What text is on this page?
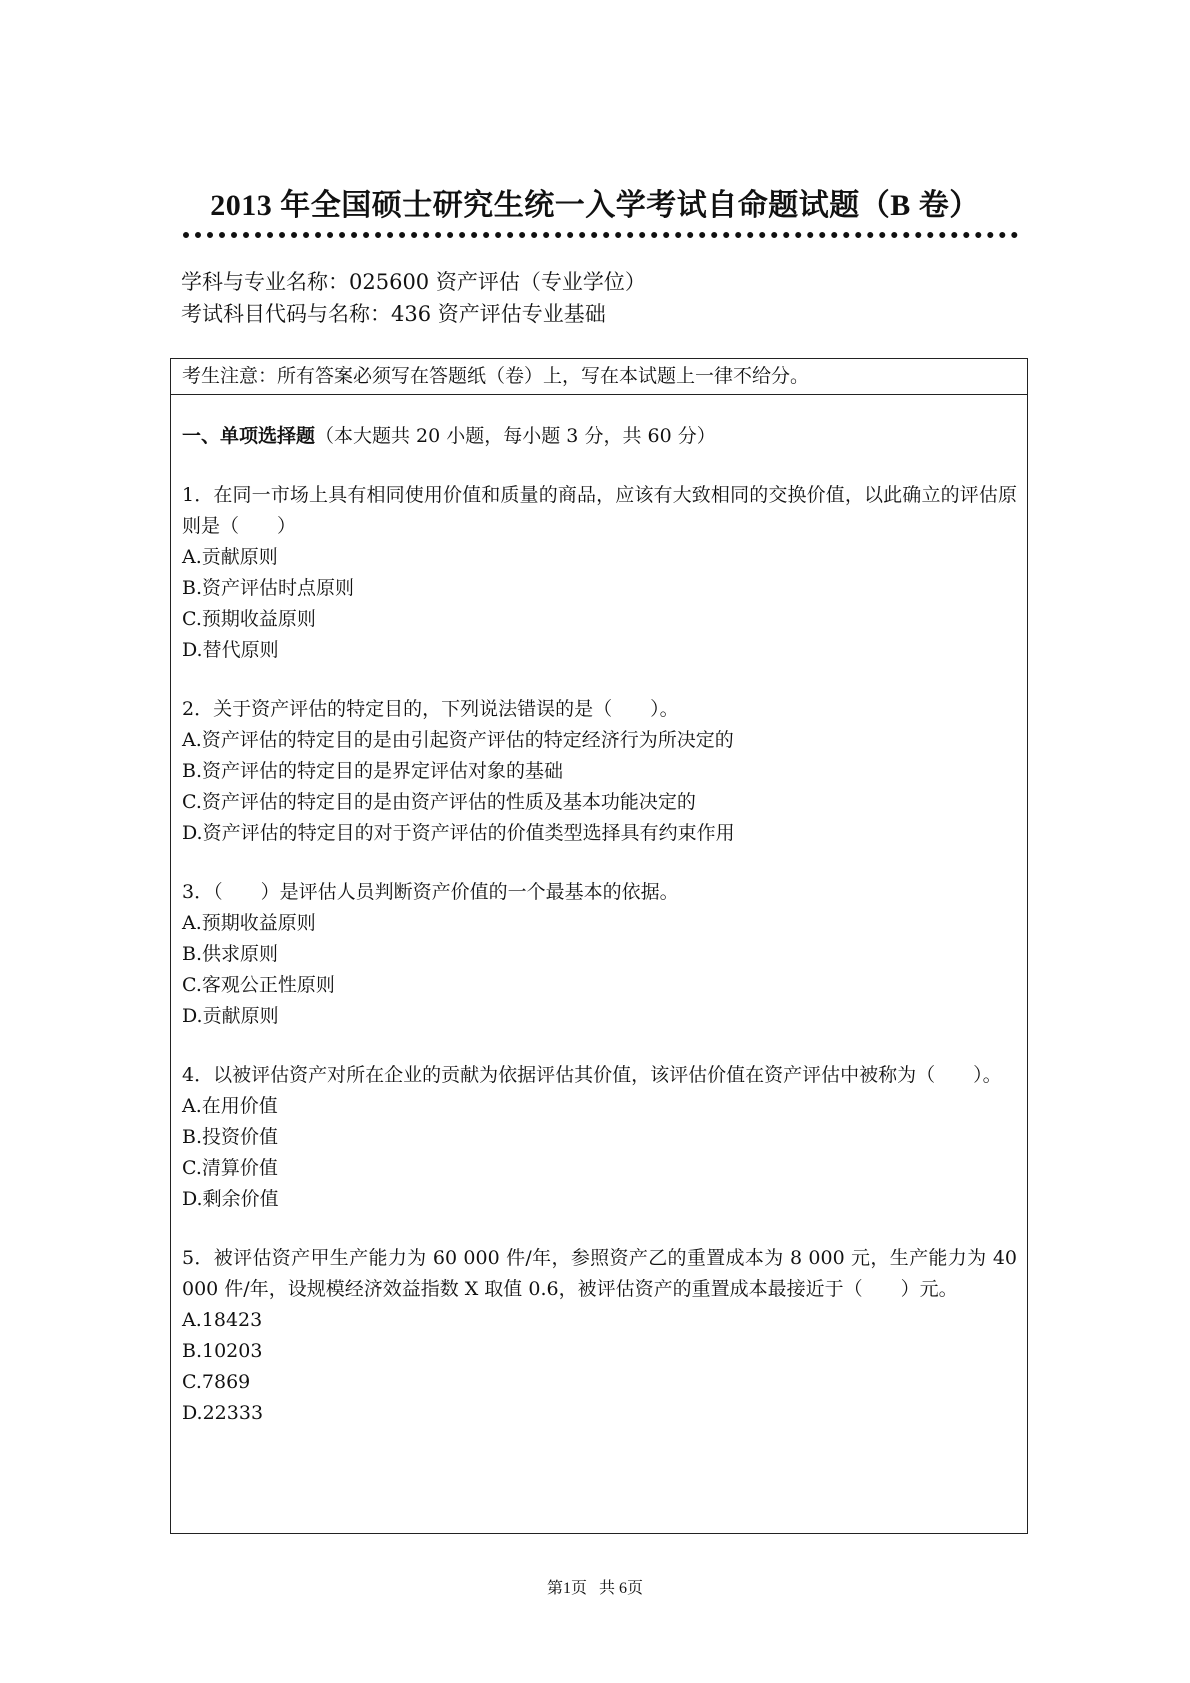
2013 年全国硕士研究生统一入学考试自命题试题（B 卷）
学科与专业名称：025600 资产评估（专业学位）
考试科目代码与名称：436 资产评估专业基础
考生注意：所有答案必须写在答题纸（卷）上，写在本试题上一律不给分。
一、单项选择题（本大题共 20 小题，每小题 3 分，共 60 分）
1．在同一市场上具有相同使用价值和质量的商品，应该有大致相同的交换价值，以此确立的评估原则是（　　）
A.贡献原则
B.资产评估时点原则
C.预期收益原则
D.替代原则
2．关于资产评估的特定目的，下列说法错误的是（　　）。
A.资产评估的特定目的是由引起资产评估的特定经济行为所决定的
B.资产评估的特定目的是界定评估对象的基础
C.资产评估的特定目的是由资产评估的性质及基本功能决定的
D.资产评估的特定目的对于资产评估的价值类型选择具有约束作用
3．（　　）是评估人员判断资产价值的一个最基本的依据。
A.预期收益原则
B.供求原则
C.客观公正性原则
D.贡献原则
4．以被评估资产对所在企业的贡献为依据评估其价值，该评估价值在资产评估中被称为（　　）。
A.在用价值
B.投资价值
C.清算价值
D.剩余价值
5．被评估资产甲生产能力为 60 000 件/年，参照资产乙的重置成本为 8 000 元，生产能力为 40 000 件/年，设规模经济效益指数 X 取值 0.6，被评估资产的重置成本最接近于（　　）元。
A.18423
B.10203
C.7869
D.22333
第1页 共 6页
